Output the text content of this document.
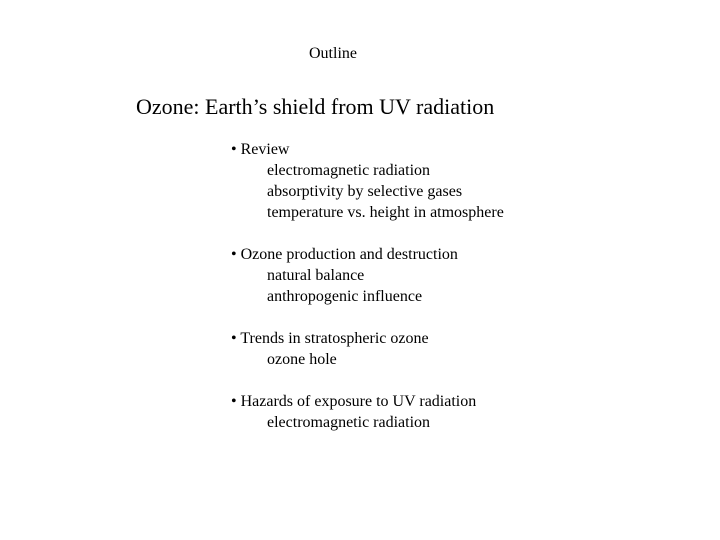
Outline
Ozone: Earth’s shield from UV radiation
• Review
electromagnetic radiation
absorptivity by selective gases
temperature vs. height in atmosphere
• Ozone production and destruction
natural balance
anthropogenic influence
• Trends in stratospheric ozone
ozone hole
• Hazards of exposure to UV radiation
electromagnetic radiation
